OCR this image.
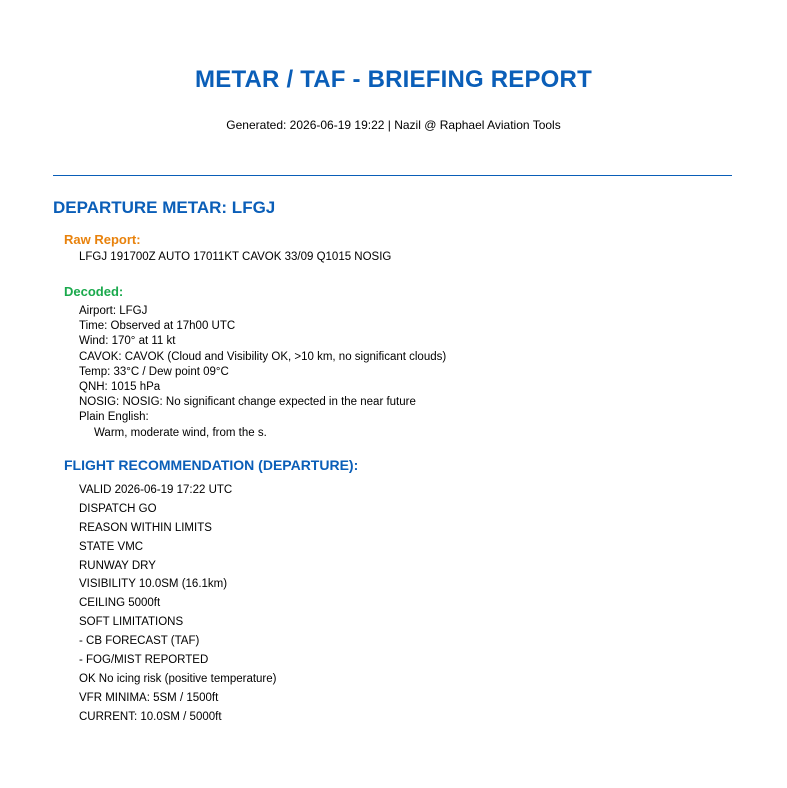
METAR / TAF - BRIEFING REPORT
Generated: 2026-06-19 19:22 | Nazil @ Raphael Aviation Tools
DEPARTURE METAR: LFGJ
Raw Report:
LFGJ 191700Z AUTO 17011KT CAVOK 33/09 Q1015 NOSIG
Decoded:
Airport: LFGJ
Time: Observed at 17h00 UTC
Wind: 170° at 11 kt
CAVOK: CAVOK (Cloud and Visibility OK, >10 km, no significant clouds)
Temp: 33°C / Dew point 09°C
QNH: 1015 hPa
NOSIG: NOSIG: No significant change expected in the near future
Plain English:
Warm, moderate wind, from the s.
FLIGHT RECOMMENDATION (DEPARTURE):
VALID 2026-06-19 17:22 UTC
DISPATCH GO
REASON WITHIN LIMITS
STATE VMC
RUNWAY DRY
VISIBILITY 10.0SM (16.1km)
CEILING 5000ft
SOFT LIMITATIONS
- CB FORECAST (TAF)
- FOG/MIST REPORTED
OK No icing risk (positive temperature)
VFR MINIMA: 5SM / 1500ft
CURRENT: 10.0SM / 5000ft
